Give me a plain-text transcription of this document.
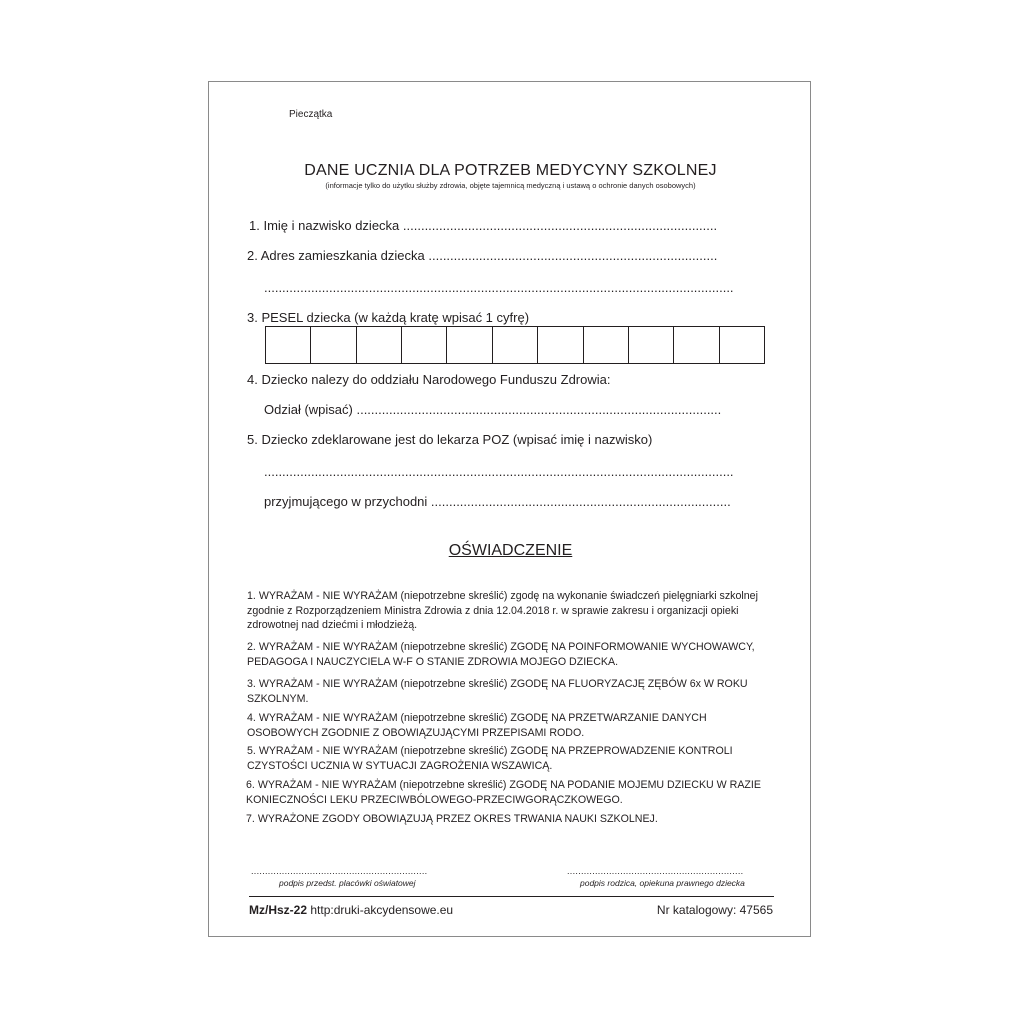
Pieczątka
DANE UCZNIA DLA POTRZEB MEDYCYNY SZKOLNEJ
(informacje tylko do użytku służby zdrowia, objęte tajemnicą medyczną i ustawą o ochronie danych osobowych)
1. Imię i nazwisko dziecka .......................................................................................
2. Adres zamieszkania dziecka ................................................................................
..................................................................................................................................
3. PESEL dziecka (w każdą kratę wpisać 1 cyfrę)
4. Dziecko nalezy do oddziału Narodowego Funduszu Zdrowia:
Odział (wpisać) .....................................................................................................
5. Dziecko zdeklarowane jest do lekarza POZ (wpisać imię i nazwisko)
..................................................................................................................................
przyjmującego w przychodni ...................................................................................
OŚWIADCZENIE
1. WYRAŻAM - NIE WYRAŻAM (niepotrzebne skreślić) zgodę na wykonanie świadczeń pielęgniarki szkolnej zgodnie z Rozporządzeniem Ministra Zdrowia z dnia 12.04.2018 r. w sprawie zakresu i organizacji opieki zdrowotnej nad dziećmi i młodzieżą.
2. WYRAŻAM - NIE WYRAŻAM (niepotrzebne skreślić) ZGODĘ NA POINFORMOWANIE WYCHOWAWCY, PEDAGOGA I NAUCZYCIELA W-F O STANIE ZDROWIA MOJEGO DZIECKA.
3. WYRAŻAM - NIE WYRAŻAM (niepotrzebne skreślić) ZGODĘ NA FLUORYZACJĘ ZĘBÓW 6x W ROKU SZKOLNYM.
4. WYRAŻAM - NIE WYRAŻAM (niepotrzebne skreślić) ZGODĘ NA PRZETWARZANIE DANYCH OSOBOWYCH ZGODNIE Z OBOWIĄZUJĄCYMI PRZEPISAMI RODO.
5. WYRAŻAM - NIE WYRAŻAM (niepotrzebne skreślić) ZGODĘ NA PRZEPROWADZENIE KONTROLI CZYSTOŚCI UCZNIA W SYTUACJI ZAGROŻENIA WSZAWICĄ.
6. WYRAŻAM - NIE WYRAŻAM (niepotrzebne skreślić) ZGODĘ NA PODANIE MOJEMU DZIECKU W RAZIE KONIECZNOŚCI LEKU PRZECIWBÓLOWEGO-PRZECIWGORĄCZKOWEGO.
7. WYRAŻONE ZGODY OBOWIĄZUJĄ PRZEZ OKRES TRWANIA NAUKI SZKOLNEJ.
...............................................................
podpis przedst. placówki oświatowej
...............................................................
podpis rodzica, opiekuna prawnego dziecka
Mz/Hsz-22 http:druki-akcydensowe.eu	Nr katalogowy: 47565
